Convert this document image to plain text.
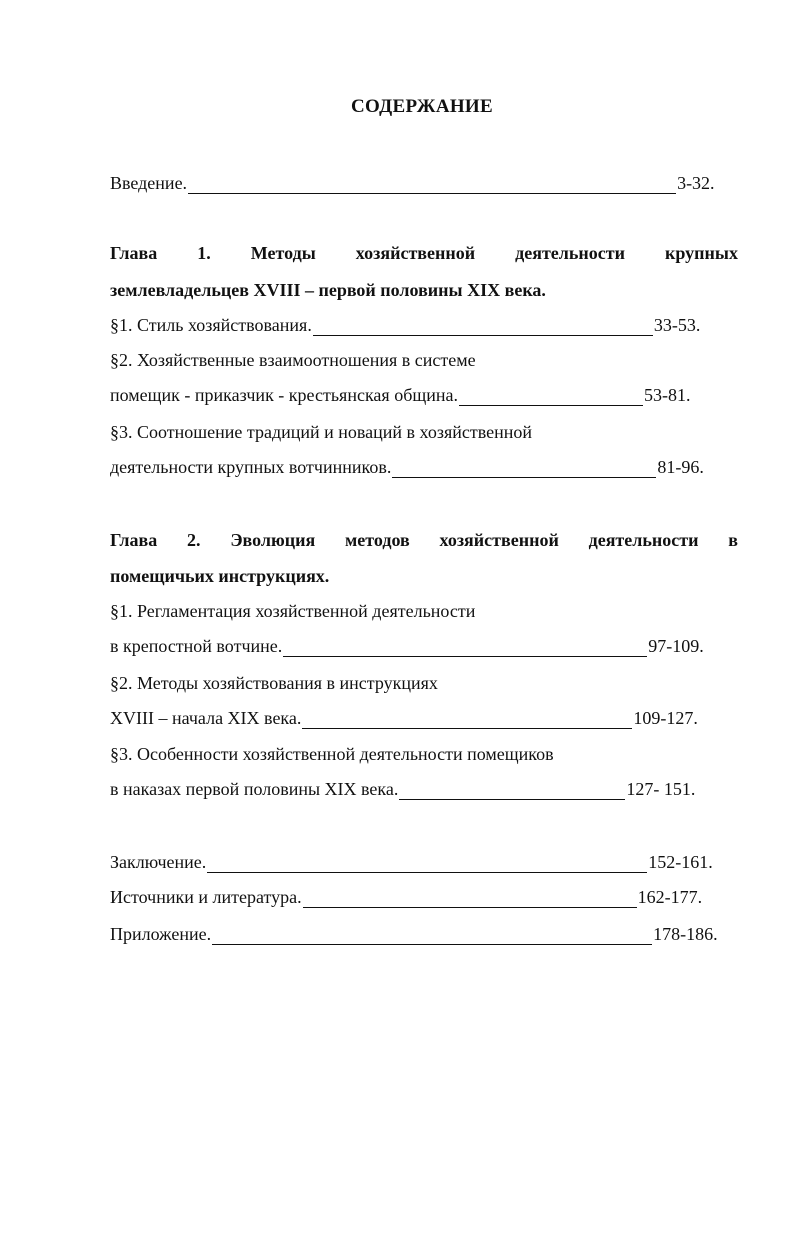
СОДЕРЖАНИЕ
Введение.	3-32.
Глава 1. Методы хозяйственной деятельности крупных
землевладельцев XVIII – первой половины XIX века.
§1. Стиль хозяйствования.	33-53.
§2. Хозяйственные взаимоотношения в системе
помещик - приказчик - крестьянская община.	53-81.
§3. Соотношение традиций и новаций в хозяйственной
деятельности крупных вотчинников.	81-96.
Глава 2. Эволюция методов хозяйственной деятельности в
помещичьих инструкциях.
§1. Регламентация хозяйственной деятельности
в крепостной вотчине.	97-109.
§2. Методы хозяйствования в инструкциях
XVIII – начала XIX века.	109-127.
§3. Особенности хозяйственной деятельности помещиков
в наказах первой половины XIX века.	127- 151.
Заключение.	152-161.
Источники и литература.	162-177.
Приложение.	178-186.
